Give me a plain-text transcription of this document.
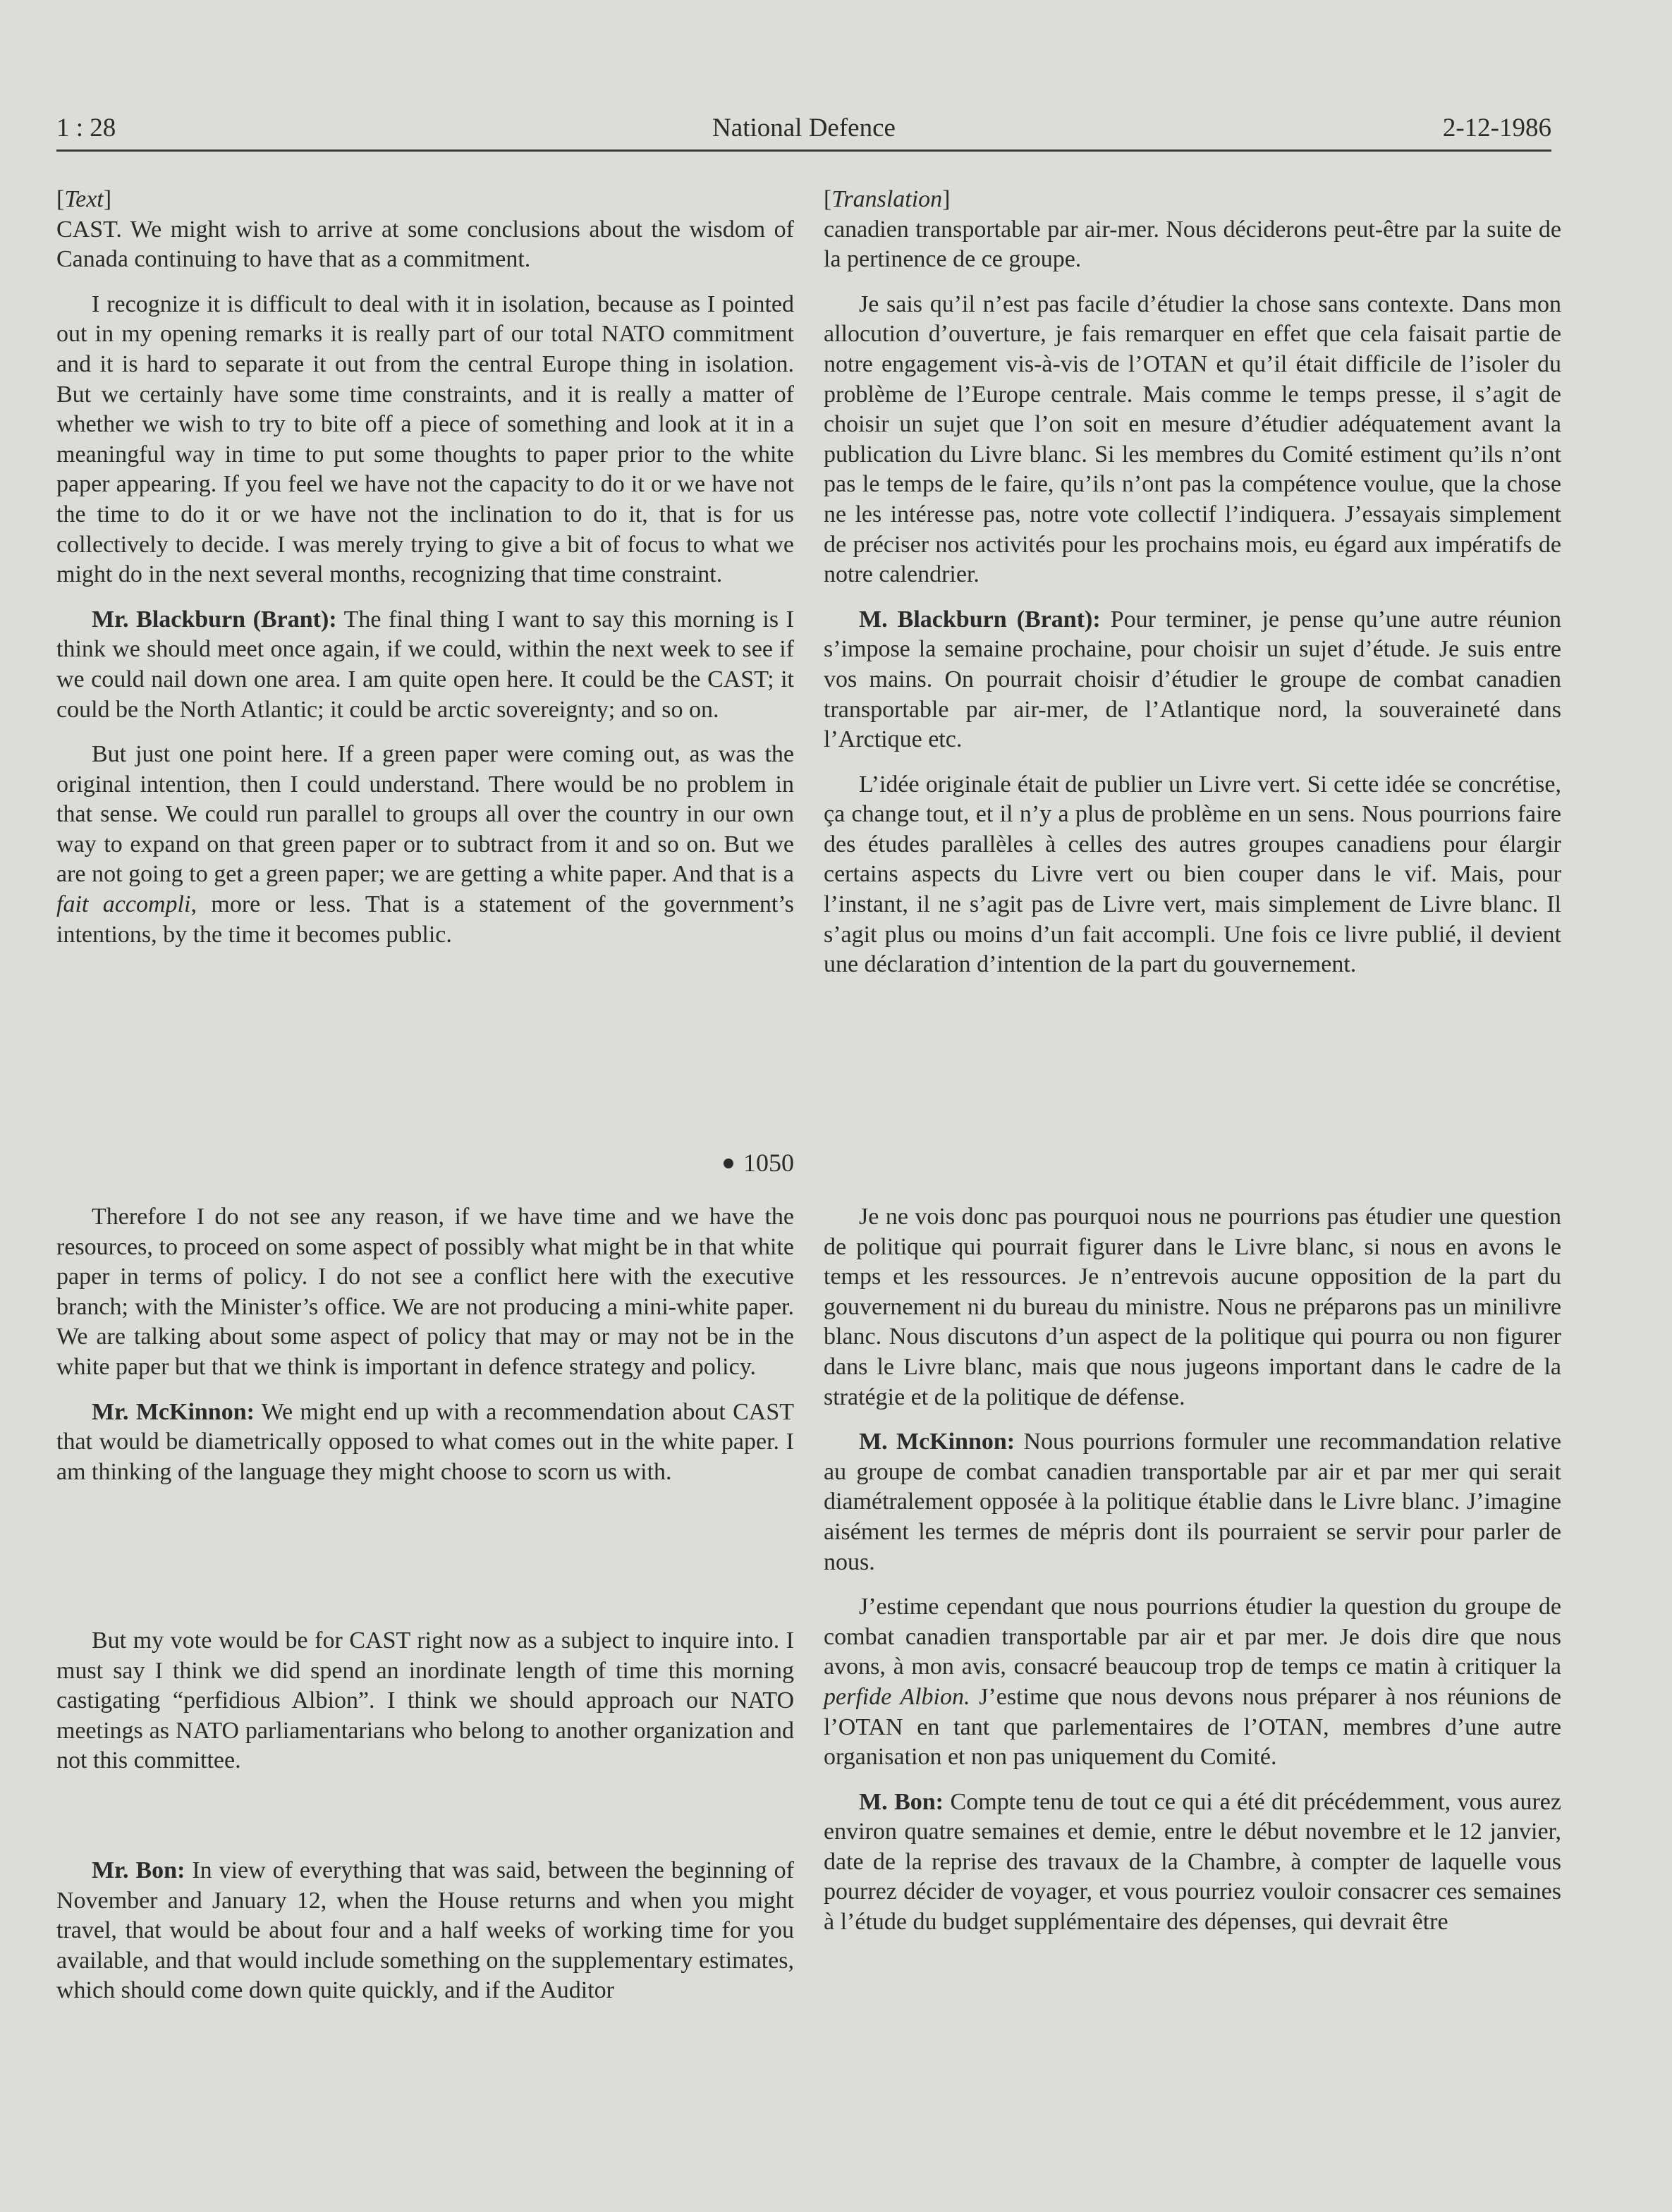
National Defence
1 : 28	2-12-1986

[Text]

CAST. We might wish to arrive at some conclusions about the wisdom of Canada continuing to have that as a commitment.

I recognize it is difficult to deal with it in isolation, because as I pointed out in my opening remarks it is really part of our total NATO commitment and it is hard to separate it out from the central Europe thing in isolation. But we certainly have some time constraints, and it is really a matter of whether we wish to try to bite off a piece of something and look at it in a meaningful way in time to put some thoughts to paper prior to the white paper appearing. If you feel we have not the capacity to do it or we have not the time to do it or we have not the inclination to do it, that is for us collectively to decide. I was merely trying to give a bit of focus to what we might do in the next several months, recognizing that time constraint.

Mr. Blackburn (Brant): The final thing I want to say this morning is I think we should meet once again, if we could, within the next week to see if we could nail down one area. I am quite open here. It could be the CAST; it could be the North Atlantic; it could be arctic sovereignty; and so on.

But just one point here. If a green paper were coming out, as was the original intention, then I could understand. There would be no problem in that sense. We could run parallel to groups all over the country in our own way to expand on that green paper or to subtract from it and so on. But we are not going to get a green paper; we are getting a white paper. And that is a fait accompli, more or less. That is a statement of the government’s intentions, by the time it becomes public.

1050

Therefore I do not see any reason, if we have time and we have the resources, to proceed on some aspect of possibly what might be in that white paper in terms of policy. I do not see a conflict here with the executive branch; with the Minister’s office. We are not producing a mini-white paper. We are talking about some aspect of policy that may or may not be in the white paper but that we think is important in defence strategy and policy.

Mr. McKinnon: We might end up with a recommendation about CAST that would be diametrically opposed to what comes out in the white paper. I am thinking of the language they might choose to scorn us with.

But my vote would be for CAST right now as a subject to inquire into. I must say I think we did spend an inordinate length of time this morning castigating “perfidious Albion”. I think we should approach our NATO meetings as NATO parliamentarians who belong to another organization and not this committee.

Mr. Bon: In view of everything that was said, between the beginning of November and January 12, when the House returns and when you might travel, that would be about four and a half weeks of working time for you available, and that would include something on the supplementary estimates, which should come down quite quickly, and if the Auditor

[Translation]

canadien transportable par air-mer. Nous déciderons peut-être par la suite de la pertinence de ce groupe.

Je sais qu’il n’est pas facile d’étudier la chose sans contexte. Dans mon allocution d’ouverture, je fais remarquer en effet que cela faisait partie de notre engagement vis-à-vis de l’OTAN et qu’il était difficile de l’isoler du problème de l’Europe centrale. Mais comme le temps presse, il s’agit de choisir un sujet que l’on soit en mesure d’étudier adéquatement avant la publication du Livre blanc. Si les membres du Comité estiment qu’ils n’ont pas le temps de le faire, qu’ils n’ont pas la compétence voulue, que la chose ne les intéresse pas, notre vote collectif l’indiquera. J’essayais simplement de préciser nos activités pour les prochains mois, eu égard aux impératifs de notre calendrier.

M. Blackburn (Brant): Pour terminer, je pense qu’une autre réunion s’impose la semaine prochaine, pour choisir un sujet d’étude. Je suis entre vos mains. On pourrait choisir d’étudier le groupe de combat canadien transportable par air-mer, de l’Atlantique nord, la souveraineté dans l’Arctique etc.

L’idée originale était de publier un Livre vert. Si cette idée se concrétise, ça change tout, et il n’y a plus de problème en un sens. Nous pourrions faire des études parallèles à celles des autres groupes canadiens pour élargir certains aspects du Livre vert ou bien couper dans le vif. Mais, pour l’instant, il ne s’agit pas de Livre vert, mais simplement de Livre blanc. Il s’agit plus ou moins d’un fait accompli. Une fois ce livre publié, il devient une déclaration d’intention de la part du gouvernement.

Je ne vois donc pas pourquoi nous ne pourrions pas étudier une question de politique qui pourrait figurer dans le Livre blanc, si nous en avons le temps et les ressources. Je n’entrevois aucune opposition de la part du gouvernement ni du bureau du ministre. Nous ne préparons pas un minilivre blanc. Nous discutons d’un aspect de la politique qui pourra ou non figurer dans le Livre blanc, mais que nous jugeons important dans le cadre de la stratégie et de la politique de défense.

M. McKinnon: Nous pourrions formuler une recommandation relative au groupe de combat canadien transportable par air et par mer qui serait diamétralement opposée à la politique établie dans le Livre blanc. J’imagine aisément les termes de mépris dont ils pourraient se servir pour parler de nous.

J’estime cependant que nous pourrions étudier la question du groupe de combat canadien transportable par air et par mer. Je dois dire que nous avons, à mon avis, consacré beaucoup trop de temps ce matin à critiquer la perfide Albion. J’estime que nous devons nous préparer à nos réunions de l’OTAN en tant que parlementaires de l’OTAN, membres d’une autre organisation et non pas uniquement du Comité.

M. Bon: Compte tenu de tout ce qui a été dit précédemment, vous aurez environ quatre semaines et demie, entre le début novembre et le 12 janvier, date de la reprise des travaux de la Chambre, à compter de laquelle vous pourrez décider de voyager, et vous pourriez vouloir consacrer ces semaines à l’étude du budget supplémentaire des dépenses, qui devrait être
